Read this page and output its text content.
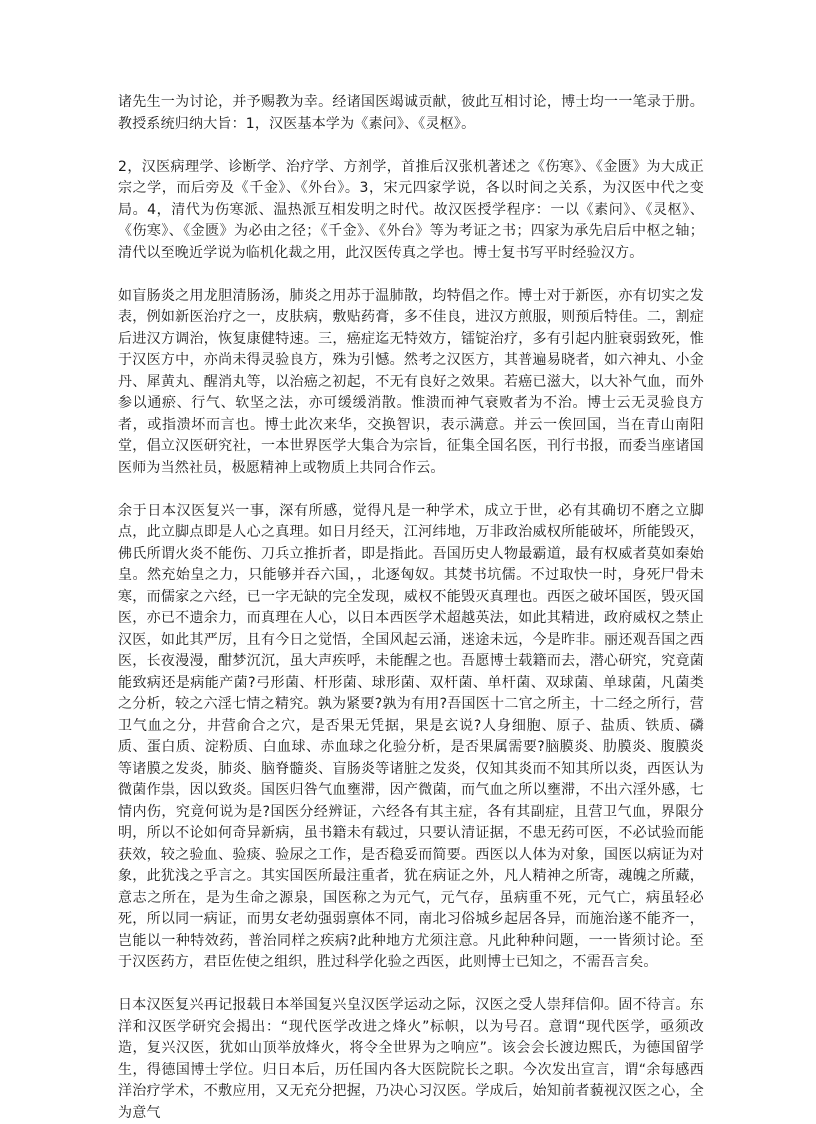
诸先生一为讨论，并予赐教为幸。经诸国医竭诚贡献，彼此互相讨论，博士均一一笔录于册。教授系统归纳大旨：1，汉医基本学为《素问》、《灵枢》。

2，汉医病理学、诊断学、治疗学、方剂学，首推后汉张机著述之《伤寒》、《金匮》为大成正宗之学，而后旁及《千金》、《外台》。3，宋元四家学说，各以时间之关系，为汉医中代之变局。4，清代为伤寒派、温热派互相发明之时代。故汉医授学程序：一以《素问》、《灵枢》、《伤寒》、《金匮》为必由之径；《千金》、《外台》等为考证之书；四家为承先启后中枢之轴；清代以至晚近学说为临机化裁之用，此汉医传真之学也。博士复书写平时经验汉方。

如盲肠炎之用龙胆清肠汤，肺炎之用苏于温肺散，均特倡之作。博士对于新医，亦有切实之发表，例如新医治疗之一，皮肤病，敷贴药膏，多不佳良，进汉方煎服，则预后特佳。二，割症后进汉方调治，恢复康健特速。三，癌症迄无特效方，镭锭治疗，多有引起内脏衰弱致死，惟于汉医方中，亦尚未得灵验良方，殊为引憾。然考之汉医方，其普遍易晓者，如六神丸、小金丹、犀黄丸、醒消丸等，以治癌之初起，不无有良好之效果。若癌已滋大，以大补气血，而外参以通瘀、行气、软坚之法，亦可缓缓消散。惟溃而神气衰败者为不治。博士云无灵验良方者，或指溃坏而言也。博士此次来华，交换智识，表示满意。并云一俟回国，当在青山南阳堂，倡立汉医研究社，一本世界医学大集合为宗旨，征集全国名医，刊行书报，而委当座诸国医师为当然社员，极愿精神上或物质上共同合作云。

余于日本汉医复兴一事，深有所感，觉得凡是一种学术，成立于世，必有其确切不磨之立脚点，此立脚点即是人心之真理。如日月经天，江河纬地，万非政治威权所能破坏，所能毁灭，佛氏所谓火炎不能伤、刀兵立推折者，即是指此。吾国历史人物最霸道，最有权威者莫如秦始皇。然充始皇之力，只能够并吞六国，，北逐匈奴。其焚书坑儒。不过取快一时，身死尸骨未寒，而儒家之六经，已一字无缺的完全发现，威权不能毁灭真理也。西医之破坏国医，毁灭国医，亦已不遗余力，而真理在人心，以日本西医学术超越英法，如此其精进，政府威权之禁止汉医，如此其严厉，且有今日之觉悟，全国风起云涌，迷途未远，今是昨非。丽还观吾国之西医，长夜漫漫，酣梦沉沉，虽大声疾呼，未能醒之也。吾愿博士载籍而去，潜心研究，究竟菌能致病还是病能产菌?弓形菌、杆形菌、球形菌、双杆菌、单杆菌、双球菌、单球菌，凡菌类之分析，较之六淫七情之精究。孰为紧要?孰为有用?吾国医十二官之所主，十二经之所行，营卫气血之分，井营俞合之穴，是否果无凭据，果是玄说?人身细胞、原子、盐质、铁质、磷质、蛋白质、淀粉质、白血球、赤血球之化验分析，是否果属需要?脑膜炎、肋膜炎、腹膜炎等诸膜之发炎，肺炎、脑脊髓炎、盲肠炎等诸脏之发炎，仅知其炎而不知其所以炎，西医认为微菌作祟，因以致炎。国医归咎气血壅滞，因产微菌，而气血之所以壅滞，不出六淫外感，七情内伤，究竟何说为是?国医分经辨证，六经各有其主症，各有其副症，且营卫气血，界限分明，所以不论如何奇异新病，虽书籍未有载过，只要认清证据，不患无药可医，不必试验而能获效，较之验血、验痰、验尿之工作，是否稳妥而简要。西医以人体为对象，国医以病证为对象，此犹浅之乎言之。其实国医所最注重者，犹在病证之外，凡人精神之所寄，魂魄之所藏，意志之所在，是为生命之源泉，国医称之为元气，元气存，虽病重不死，元气亡，病虽轻必死，所以同一病证，而男女老幼强弱禀体不同，南北习俗城乡起居各异，而施治遂不能齐一，岂能以一种特效药，普治同样之疾病?此种地方尤须注意。凡此种种问题，一一皆须讨论。至于汉医药方，君臣佐使之组织，胜过科学化验之西医，此则博士已知之，不需吾言矣。

日本汉医复兴再记报载日本举国复兴皇汉医学运动之际，汉医之受人崇拜信仰。固不待言。东洋和汉医学研究会揭出：“现代医学改进之烽火”标帜，以为号召。意谓“现代医学，亟须改造，复兴汉医，犹如山顶举放烽火，将令全世界为之响应”。该会会长渡边熙氏，为德国留学生，得德国博士学位。归日本后，历任国内各大医院院长之职。今次发出宣言，谓“余每感西洋治疗学术，不敷应用，又无充分把握，乃决心习汉医。学成后，始知前者藐视汉医之心，全为意气
